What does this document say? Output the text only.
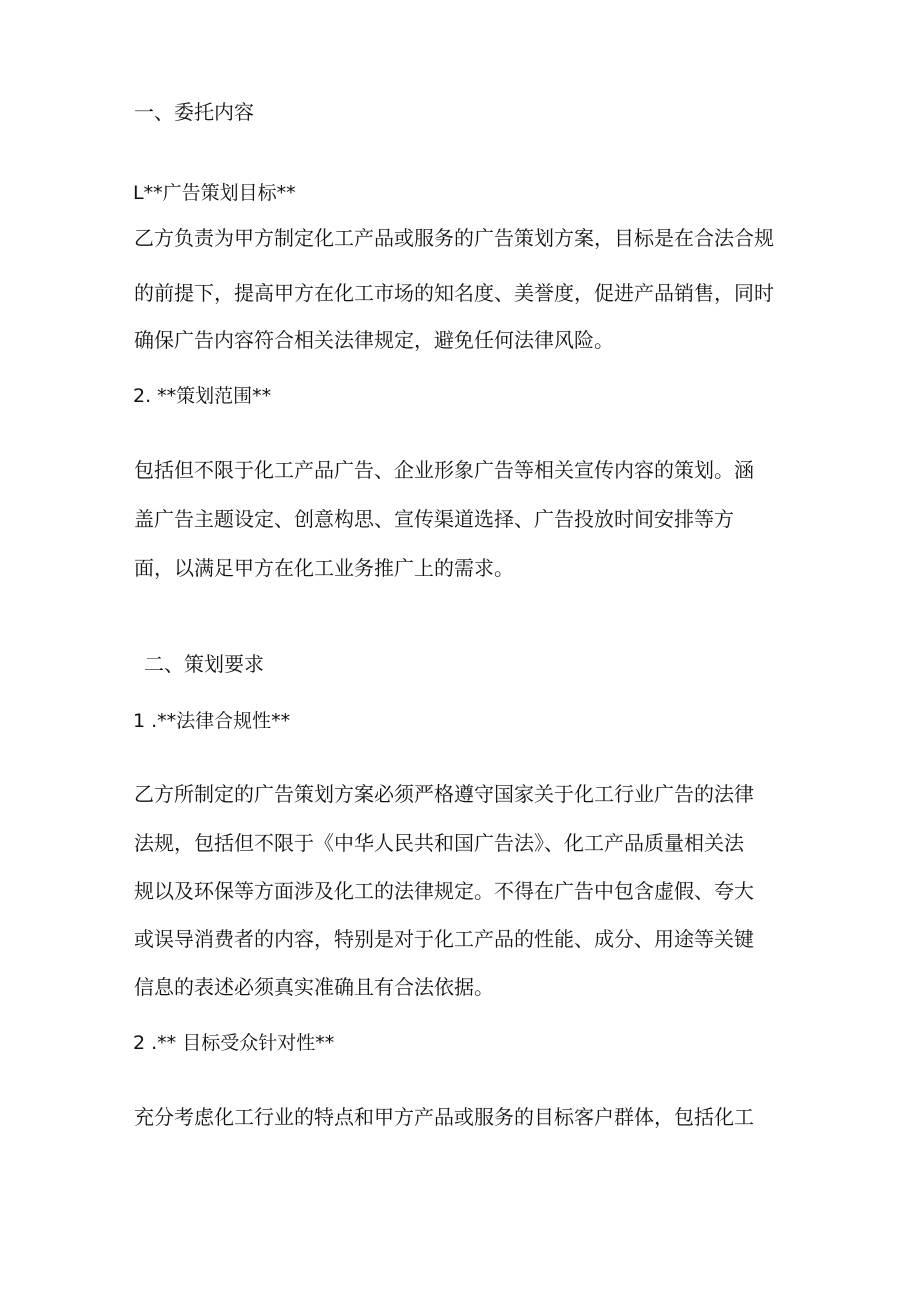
一、委托内容
L**广告策划目标**
乙方负责为甲方制定化工产品或服务的广告策划方案，目标是在合法合规
的前提下，提高甲方在化工市场的知名度、美誉度，促进产品销售，同时
确保广告内容符合相关法律规定，避免任何法律风险。
2. **策划范围**
包括但不限于化工产品广告、企业形象广告等相关宣传内容的策划。涵
盖广告主题设定、创意构思、宣传渠道选择、广告投放时间安排等方
面，以满足甲方在化工业务推广上的需求。
二、策划要求
1 .**法律合规性**
乙方所制定的广告策划方案必须严格遵守国家关于化工行业广告的法律
法规，包括但不限于《中华人民共和国广告法》、化工产品质量相关法
规以及环保等方面涉及化工的法律规定。不得在广告中包含虚假、夸大
或误导消费者的内容，特别是对于化工产品的性能、成分、用途等关键
信息的表述必须真实准确且有合法依据。
2 .** 目标受众针对性**
充分考虑化工行业的特点和甲方产品或服务的目标客户群体，包括化工
